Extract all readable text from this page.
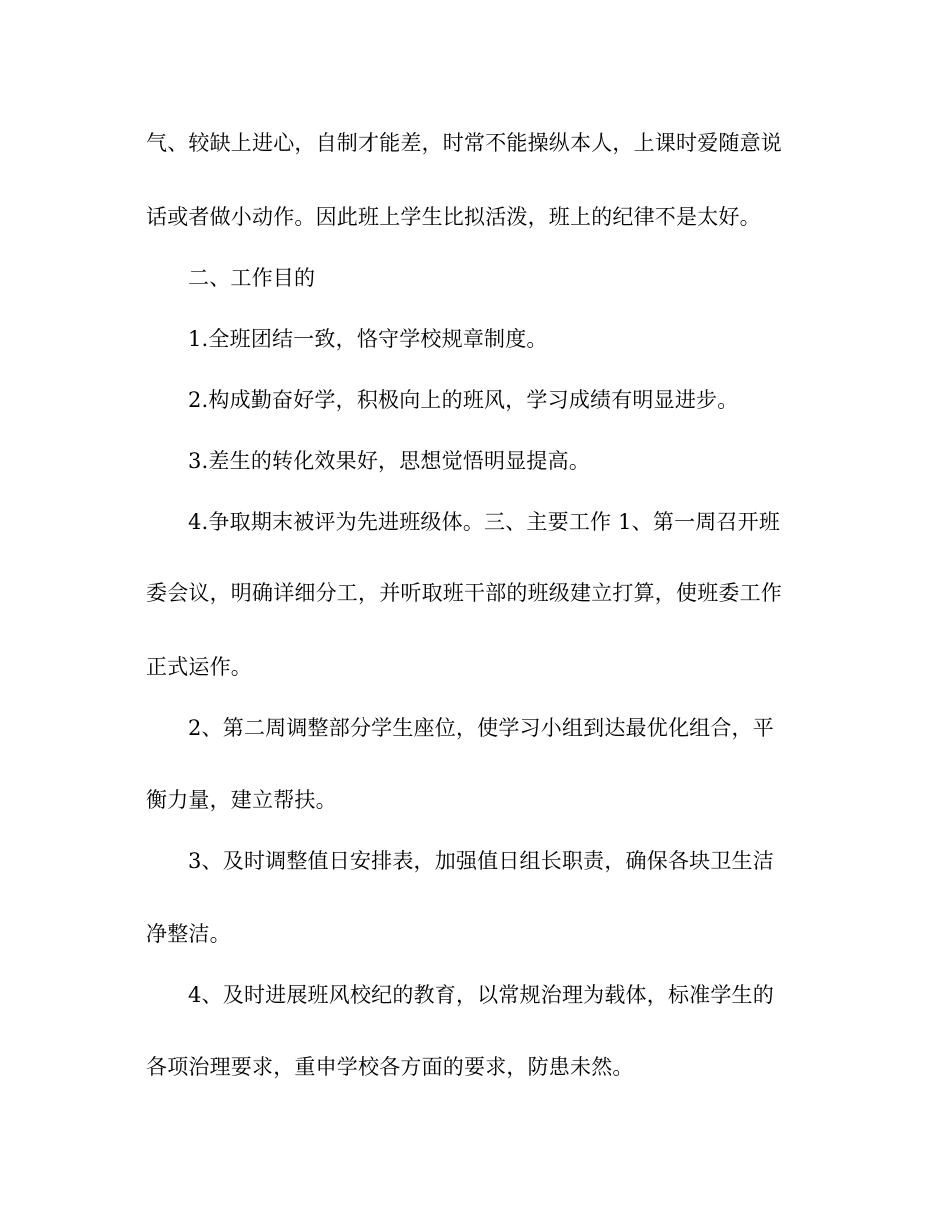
气、较缺上进心，自制才能差，时常不能操纵本人，上课时爱随意说
话或者做小动作。因此班上学生比拟活泼，班上的纪律不是太好。
二、工作目的
1.全班团结一致，恪守学校规章制度。
2.构成勤奋好学，积极向上的班风，学习成绩有明显进步。
3.差生的转化效果好，思想觉悟明显提高。
4.争取期末被评为先进班级体。三、主要工作 1、第一周召开班
委会议，明确详细分工，并听取班干部的班级建立打算，使班委工作
正式运作。
2、第二周调整部分学生座位，使学习小组到达最优化组合，平
衡力量，建立帮扶。
3、及时调整值日安排表，加强值日组长职责，确保各块卫生洁
净整洁。
4、及时进展班风校纪的教育，以常规治理为载体，标准学生的
各项治理要求，重申学校各方面的要求，防患未然。
